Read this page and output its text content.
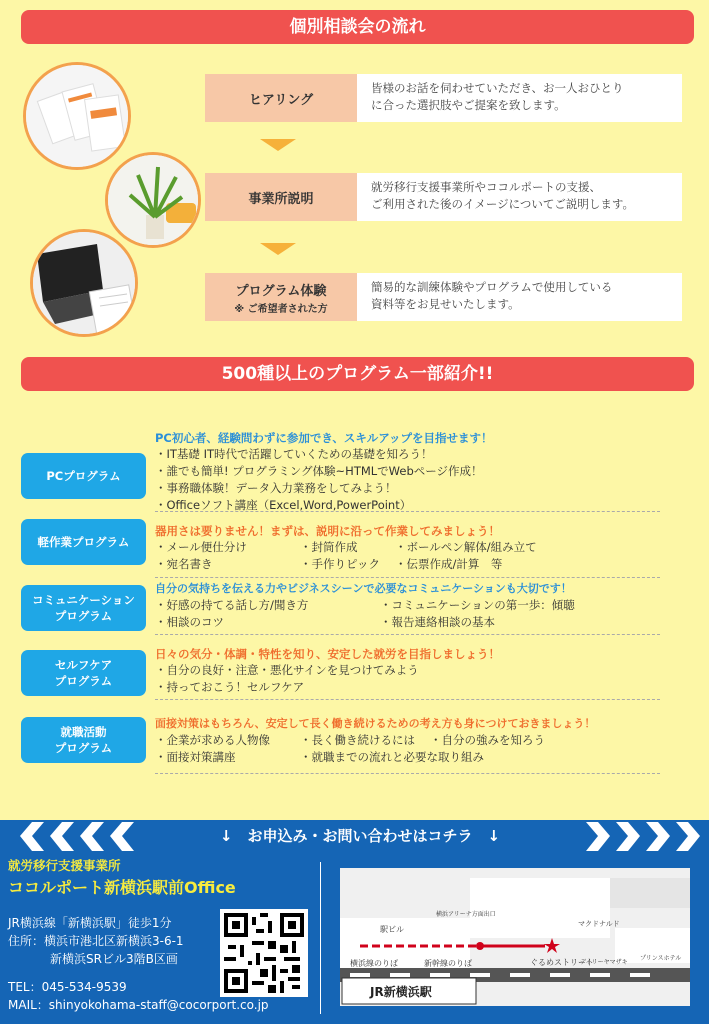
個別相談会の流れ
ヒアリング
皆様のお話を伺わせていただき、お一人おひとり
に合った選択肢やご提案を致します。
事業所説明
就労移行支援事業所やココルポートの支援、
ご利用された後のイメージについてご説明します。
プログラム体験
※ ご希望者された方
簡易的な訓練体験やプログラムで使用している
資料等をお見せいたします。
500種以上のプログラム一部紹介!!
PCプログラム
PC初心者、経験問わずに参加でき、スキルアップを目指せます！
・IT基礎 IT時代で活躍していくための基礎を知ろう！
・誰でも簡単! プログラミング体験~HTMLでWebページ作成！
・事務職体験！データ入力業務をしてみよう！
・Officeソフト講座（Excel,Word,PowerPoint）
軽作業プログラム
器用さは要りません！まずは、説明に沿って作業してみましょう！
・メール便仕分け	・封筒作成	・ボールペン解体/組み立て
・宛名書き	・手作りピック	・伝票作成/計算　等
コミュニケーション
プログラム
自分の気持ちを伝える力やビジネスシーンで必要なコミュニケーションも大切です！
・好感の持てる話し方/聞き方	・コミュニケーションの第一歩：傾聴
・相談のコツ	・報告連絡相談の基本
セルフケア
プログラム
日々の気分・体調・特性を知り、安定した就労を目指しましょう！
・自分の良好・注意・悪化サインを見つけてみよう
・持っておこう！セルフケア
就職活動
プログラム
面接対策はもちろん、安定して長く働き続けるための考え方も身につけておきましょう！
・企業が求める人物像	・長く働き続けるには	・自分の強みを知ろう
・面接対策講座	・就職までの流れと必要な取り組み
↓　お申込み・お問い合わせはコチラ　↓
就労移行支援事業所
ココルポート新横浜駅前Office
JR横浜線「新横浜駅」徒歩1分
住所：横浜市港北区新横浜3-6-1
新横浜SRビル3階B区画
TEL：045-534-9539
MAIL：shinyokohama-staff@cocorport.co.jp
マクドナルド
横浜アリーナ方面出口
駅ビル
デイリーヤマザキ
プリンスホテル
横浜線のりば	新幹線のりば	ぐるめストリート
JR新横浜駅
